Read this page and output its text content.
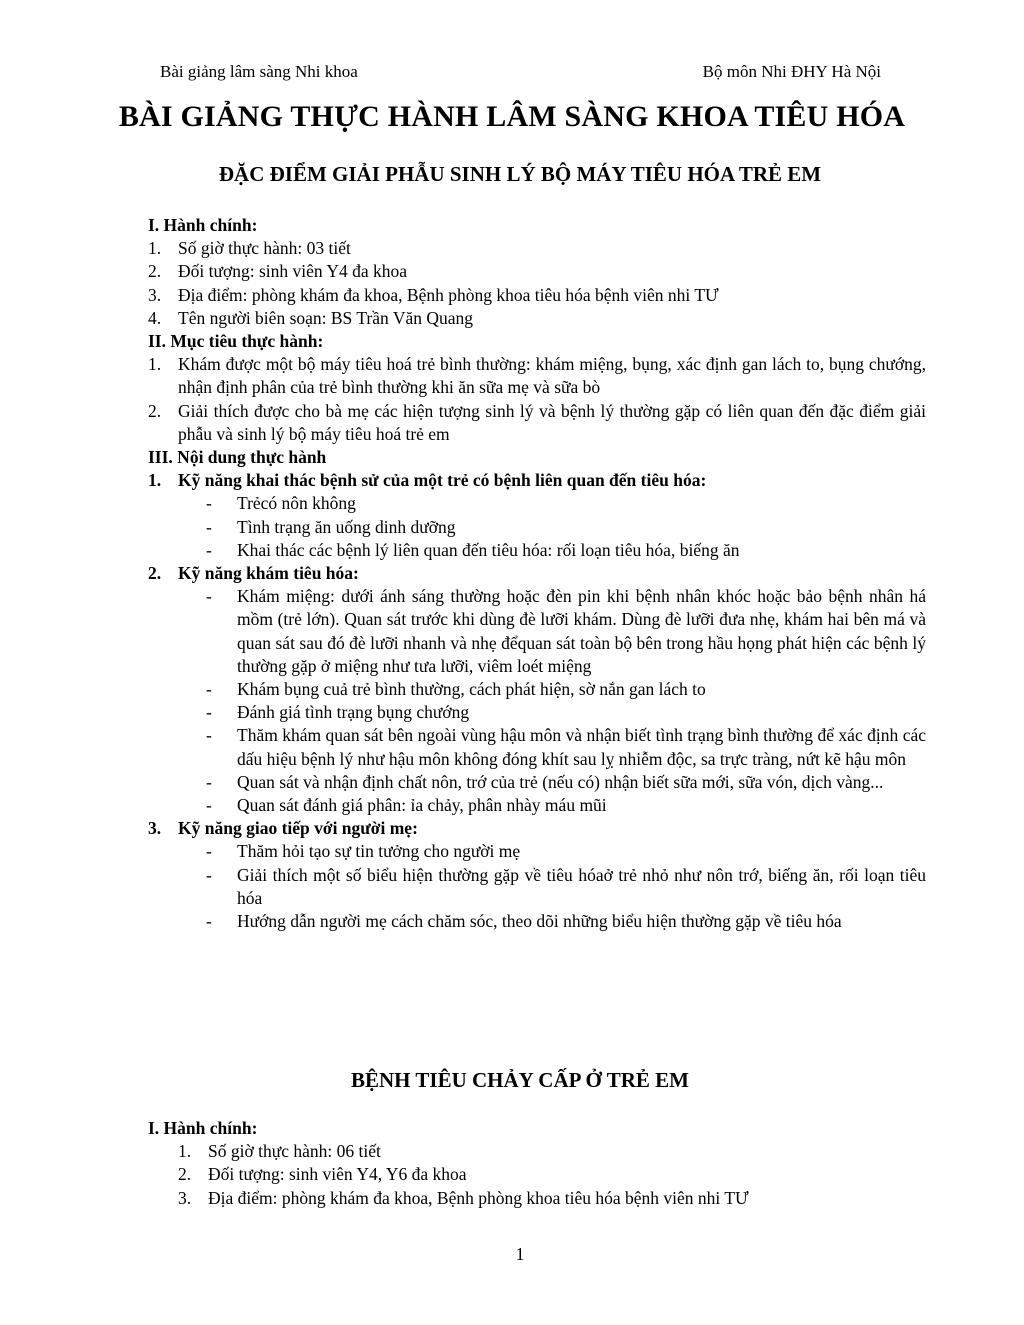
Bài giảng lâm sàng Nhi khoa	Bộ môn Nhi ĐHY Hà Nội
BÀI GIẢNG THỰC HÀNH LÂM SÀNG KHOA TIÊU HÓA
ĐẶC ĐIỂM GIẢI PHẪU SINH LÝ BỘ MÁY TIÊU HÓA TRẺ EM

I. Hành chính:

1. Số giờ thực hành: 03 tiết
2. Đối tượng: sinh viên Y4 đa khoa
3. Địa điểm: phòng khám đa khoa, Bệnh phòng khoa tiêu hóa bệnh viên nhi TƯ
4. Tên người biên soạn: BS Trần Văn Quang

II. Mục tiêu thực hành:

1. Khám được một bộ máy tiêu hoá trẻ bình thường: khám miệng, bụng, xác định gan lách to, bụng chướng, nhận định phân của trẻ bình thường khi ăn sữa mẹ và sữa bò
2. Giải thích được cho bà mẹ các hiện tượng sinh lý và bệnh lý thường gặp có liên quan đến đặc điểm giải phẫu và sinh lý bộ máy tiêu hoá trẻ em

III. Nội dung thực hành

1. Kỹ năng khai thác bệnh sử của một trẻ có bệnh liên quan đến tiêu hóa:
-	Trẻcó nôn không
-	Tình trạng ăn uống dinh dưỡng
-	Khai thác các bệnh lý liên quan đến tiêu hóa: rối loạn tiêu hóa, biếng ăn
2. Kỹ năng khám tiêu hóa:
-	Khám miệng: dưới ánh sáng thường hoặc đèn pin khi bệnh nhân khóc hoặc bảo bệnh nhân há mồm (trẻ lớn). Quan sát trước khi dùng đè lưỡi khám. Dùng đè lưỡi đưa nhẹ, khám hai bên má và quan sát sau đó đè lưỡi nhanh và nhẹ đểquan sát toàn bộ bên trong hầu họng phát hiện các bệnh lý thường gặp ở miệng như tưa lưỡi, viêm loét miệng
-	Khám bụng cuả trẻ bình thường, cách phát hiện, sờ nắn gan lách to
-	Đánh giá tình trạng bụng chướng
-	Thăm khám quan sát bên ngoài vùng hậu môn và nhận biết tình trạng bình thường để xác định các dấu hiệu bệnh lý như hậu môn không đóng khít sau lỵ nhiễm độc, sa trực tràng, nứt kẽ hậu môn
-	Quan sát và nhận định chất nôn, trớ của trẻ (nếu có) nhận biết sữa mới, sữa vón, dịch vàng...
-	Quan sát đánh giá phân: ỉa chảy, phân nhày máu mũi
3. Kỹ năng giao tiếp với người mẹ:
-	Thăm hỏi tạo sự tin tưởng cho người mẹ
-	Giải thích một số biểu hiện thường gặp về tiêu hóaở trẻ nhỏ như nôn trớ, biếng ăn, rối loạn tiêu hóa
-	Hướng dẫn người mẹ cách chăm sóc, theo dõi những biểu hiện thường gặp về tiêu hóa
BỆNH TIÊU CHẢY CẤP Ở TRẺ EM

I. Hành chính:

1. Số giờ thực hành: 06 tiết
2. Đối tượng: sinh viên Y4, Y6 đa khoa
3. Địa điểm: phòng khám đa khoa, Bệnh phòng khoa tiêu hóa bệnh viên nhi TƯ
1
